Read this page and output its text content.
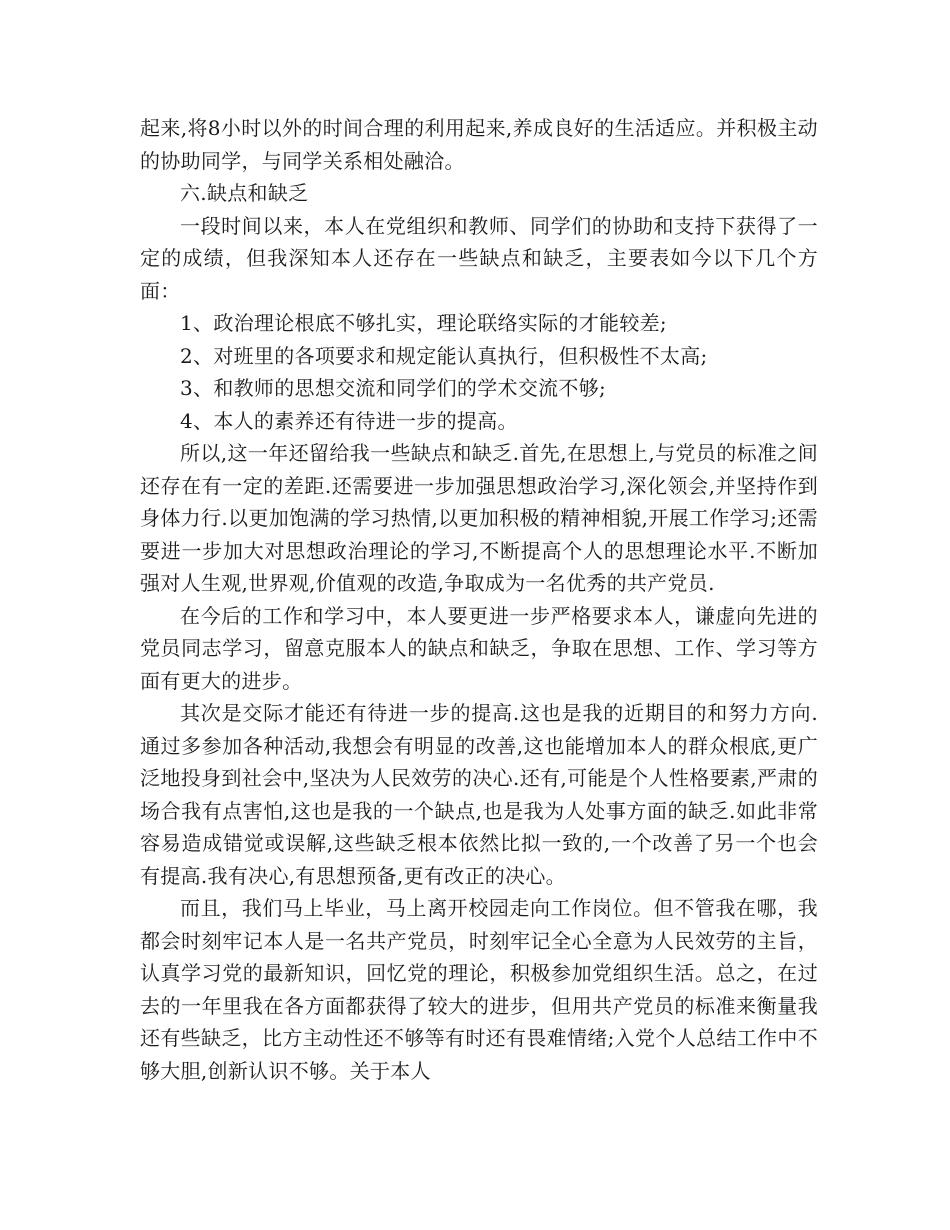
起来,将8小时以外的时间合理的利用起来,养成良好的生活适应。并积极主动的协助同学，与同学关系相处融洽。

六.缺点和缺乏

一段时间以来，本人在党组织和教师、同学们的协助和支持下获得了一定的成绩，但我深知本人还存在一些缺点和缺乏，主要表如今以下几个方面：

1、政治理论根底不够扎实，理论联络实际的才能较差;

2、对班里的各项要求和规定能认真执行，但积极性不太高;

3、和教师的思想交流和同学们的学术交流不够;

4、本人的素养还有待进一步的提高。

所以,这一年还留给我一些缺点和缺乏.首先,在思想上,与党员的标准之间还存在有一定的差距.还需要进一步加强思想政治学习,深化领会,并坚持作到身体力行.以更加饱满的学习热情,以更加积极的精神相貌,开展工作学习;还需要进一步加大对思想政治理论的学习,不断提高个人的思想理论水平.不断加强对人生观,世界观,价值观的改造,争取成为一名优秀的共产党员.

在今后的工作和学习中，本人要更进一步严格要求本人，谦虚向先进的党员同志学习，留意克服本人的缺点和缺乏，争取在思想、工作、学习等方面有更大的进步。

其次是交际才能还有待进一步的提高.这也是我的近期目的和努力方向.通过多参加各种活动,我想会有明显的改善,这也能增加本人的群众根底,更广泛地投身到社会中,坚决为人民效劳的决心.还有,可能是个人性格要素,严肃的场合我有点害怕,这也是我的一个缺点,也是我为人处事方面的缺乏.如此非常容易造成错觉或误解,这些缺乏根本依然比拟一致的,一个改善了另一个也会有提高.我有决心,有思想预备,更有改正的决心。

而且，我们马上毕业，马上离开校园走向工作岗位。但不管我在哪，我都会时刻牢记本人是一名共产党员，时刻牢记全心全意为人民效劳的主旨，认真学习党的最新知识，回忆党的理论，积极参加党组织生活。总之，在过去的一年里我在各方面都获得了较大的进步，但用共产党员的标准来衡量我还有些缺乏，比方主动性还不够等有时还有畏难情绪;入党个人总结工作中不够大胆,创新认识不够。关于本人
